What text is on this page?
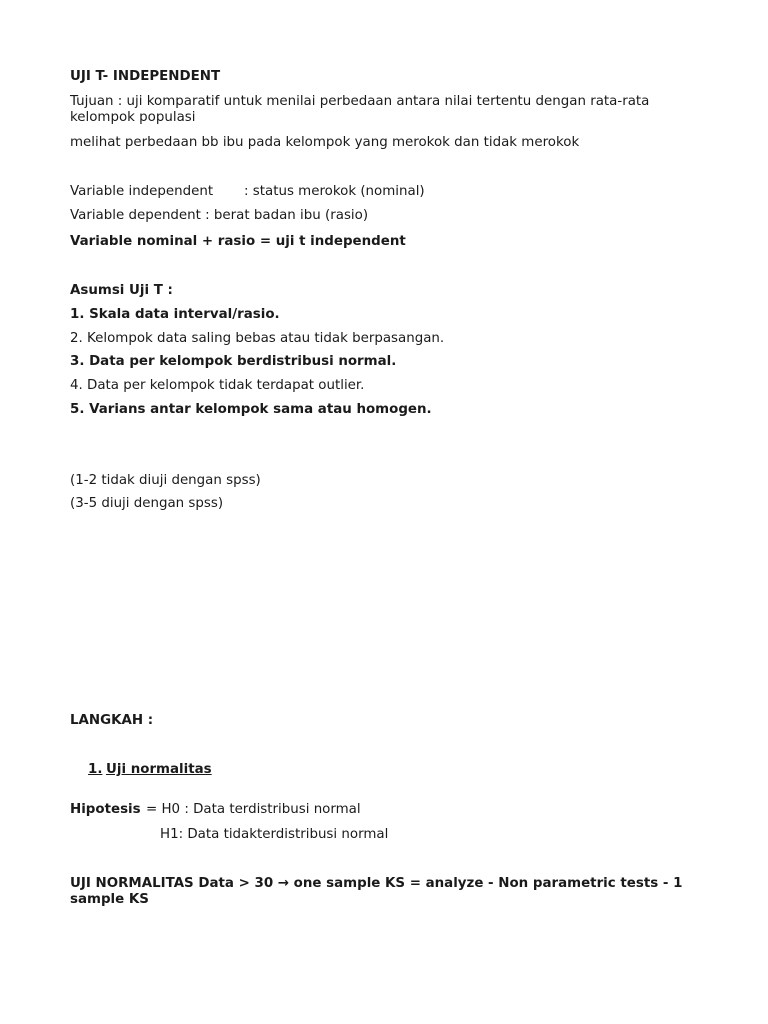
UJI T- INDEPENDENT
Tujuan : uji komparatif untuk menilai perbedaan antara nilai tertentu dengan rata-rata kelompok populasi
melihat perbedaan bb ibu pada kelompok yang merokok dan tidak merokok
Variable independent : status merokok (nominal)
Variable dependent : berat badan ibu (rasio)
Variable nominal + rasio = uji t independent
Asumsi Uji T :
1. Skala data interval/rasio.
2. Kelompok data saling bebas atau tidak berpasangan.
3. Data per kelompok berdistribusi normal.
4. Data per kelompok tidak terdapat outlier.
5. Varians antar kelompok sama atau homogen.
(1-2 tidak diuji dengan spss)
(3-5 diuji dengan spss)
LANGKAH :
1. Uji normalitas
Hipotesis = H0 : Data terdistribusi normal
H1: Data tidakterdistribusi normal
UJI NORMALITAS Data > 30 → one sample KS = analyze - Non parametric tests - 1 sample KS
